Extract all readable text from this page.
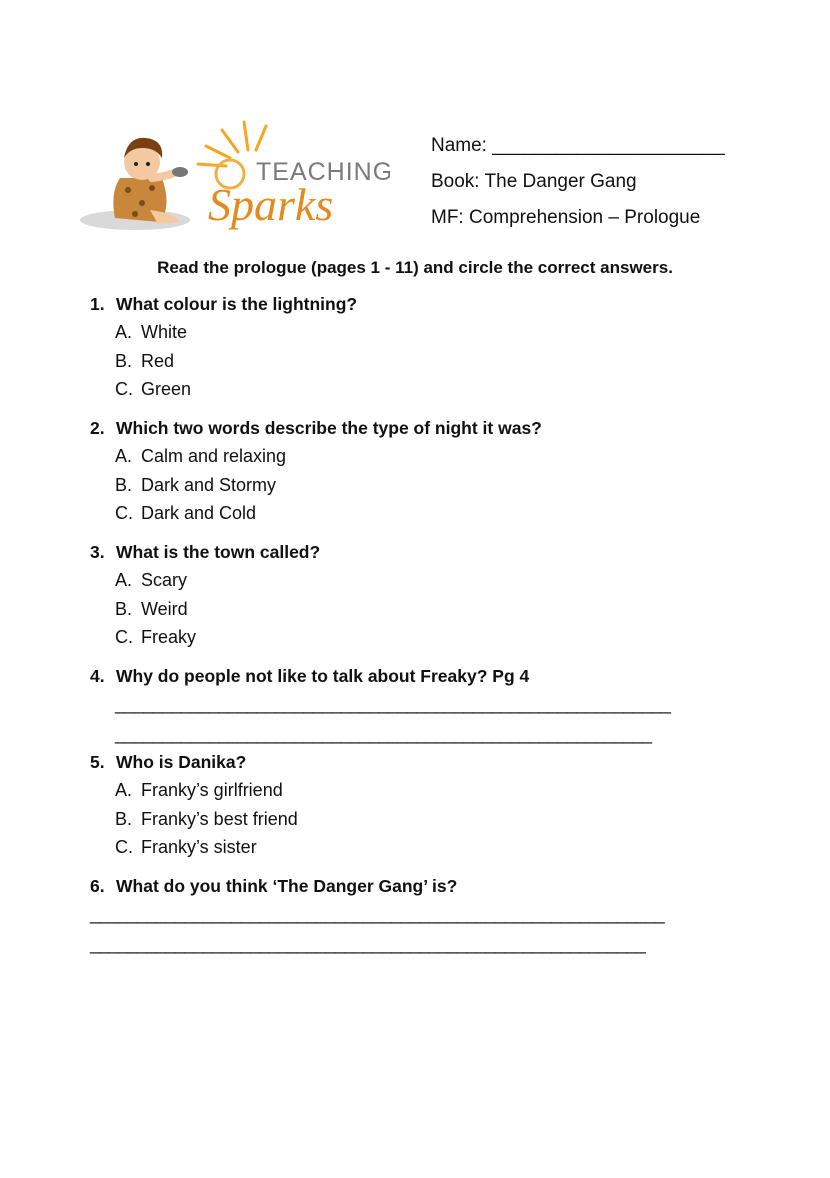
TEACHING
Sparks
Name: ______________________
Book: The Danger Gang
MF: Comprehension – Prologue
Read the prologue (pages 1 - 11) and circle the correct answers.
1. What colour is the lightning?
A. White
B. Red
C. Green
2. Which two words describe the type of night it was?
A. Calm and relaxing
B. Dark and Stormy
C. Dark and Cold
3. What is the town called?
A. Scary
B. Weird
C. Freaky
4. Why do people not like to talk about Freaky? Pg 4
___________________________________________________________
_________________________________________________________
5. Who is Danika?
A. Franky’s girlfriend
B. Franky’s best friend
C. Franky’s sister
6. What do you think ‘The Danger Gang’ is?
_____________________________________________________________
___________________________________________________________
